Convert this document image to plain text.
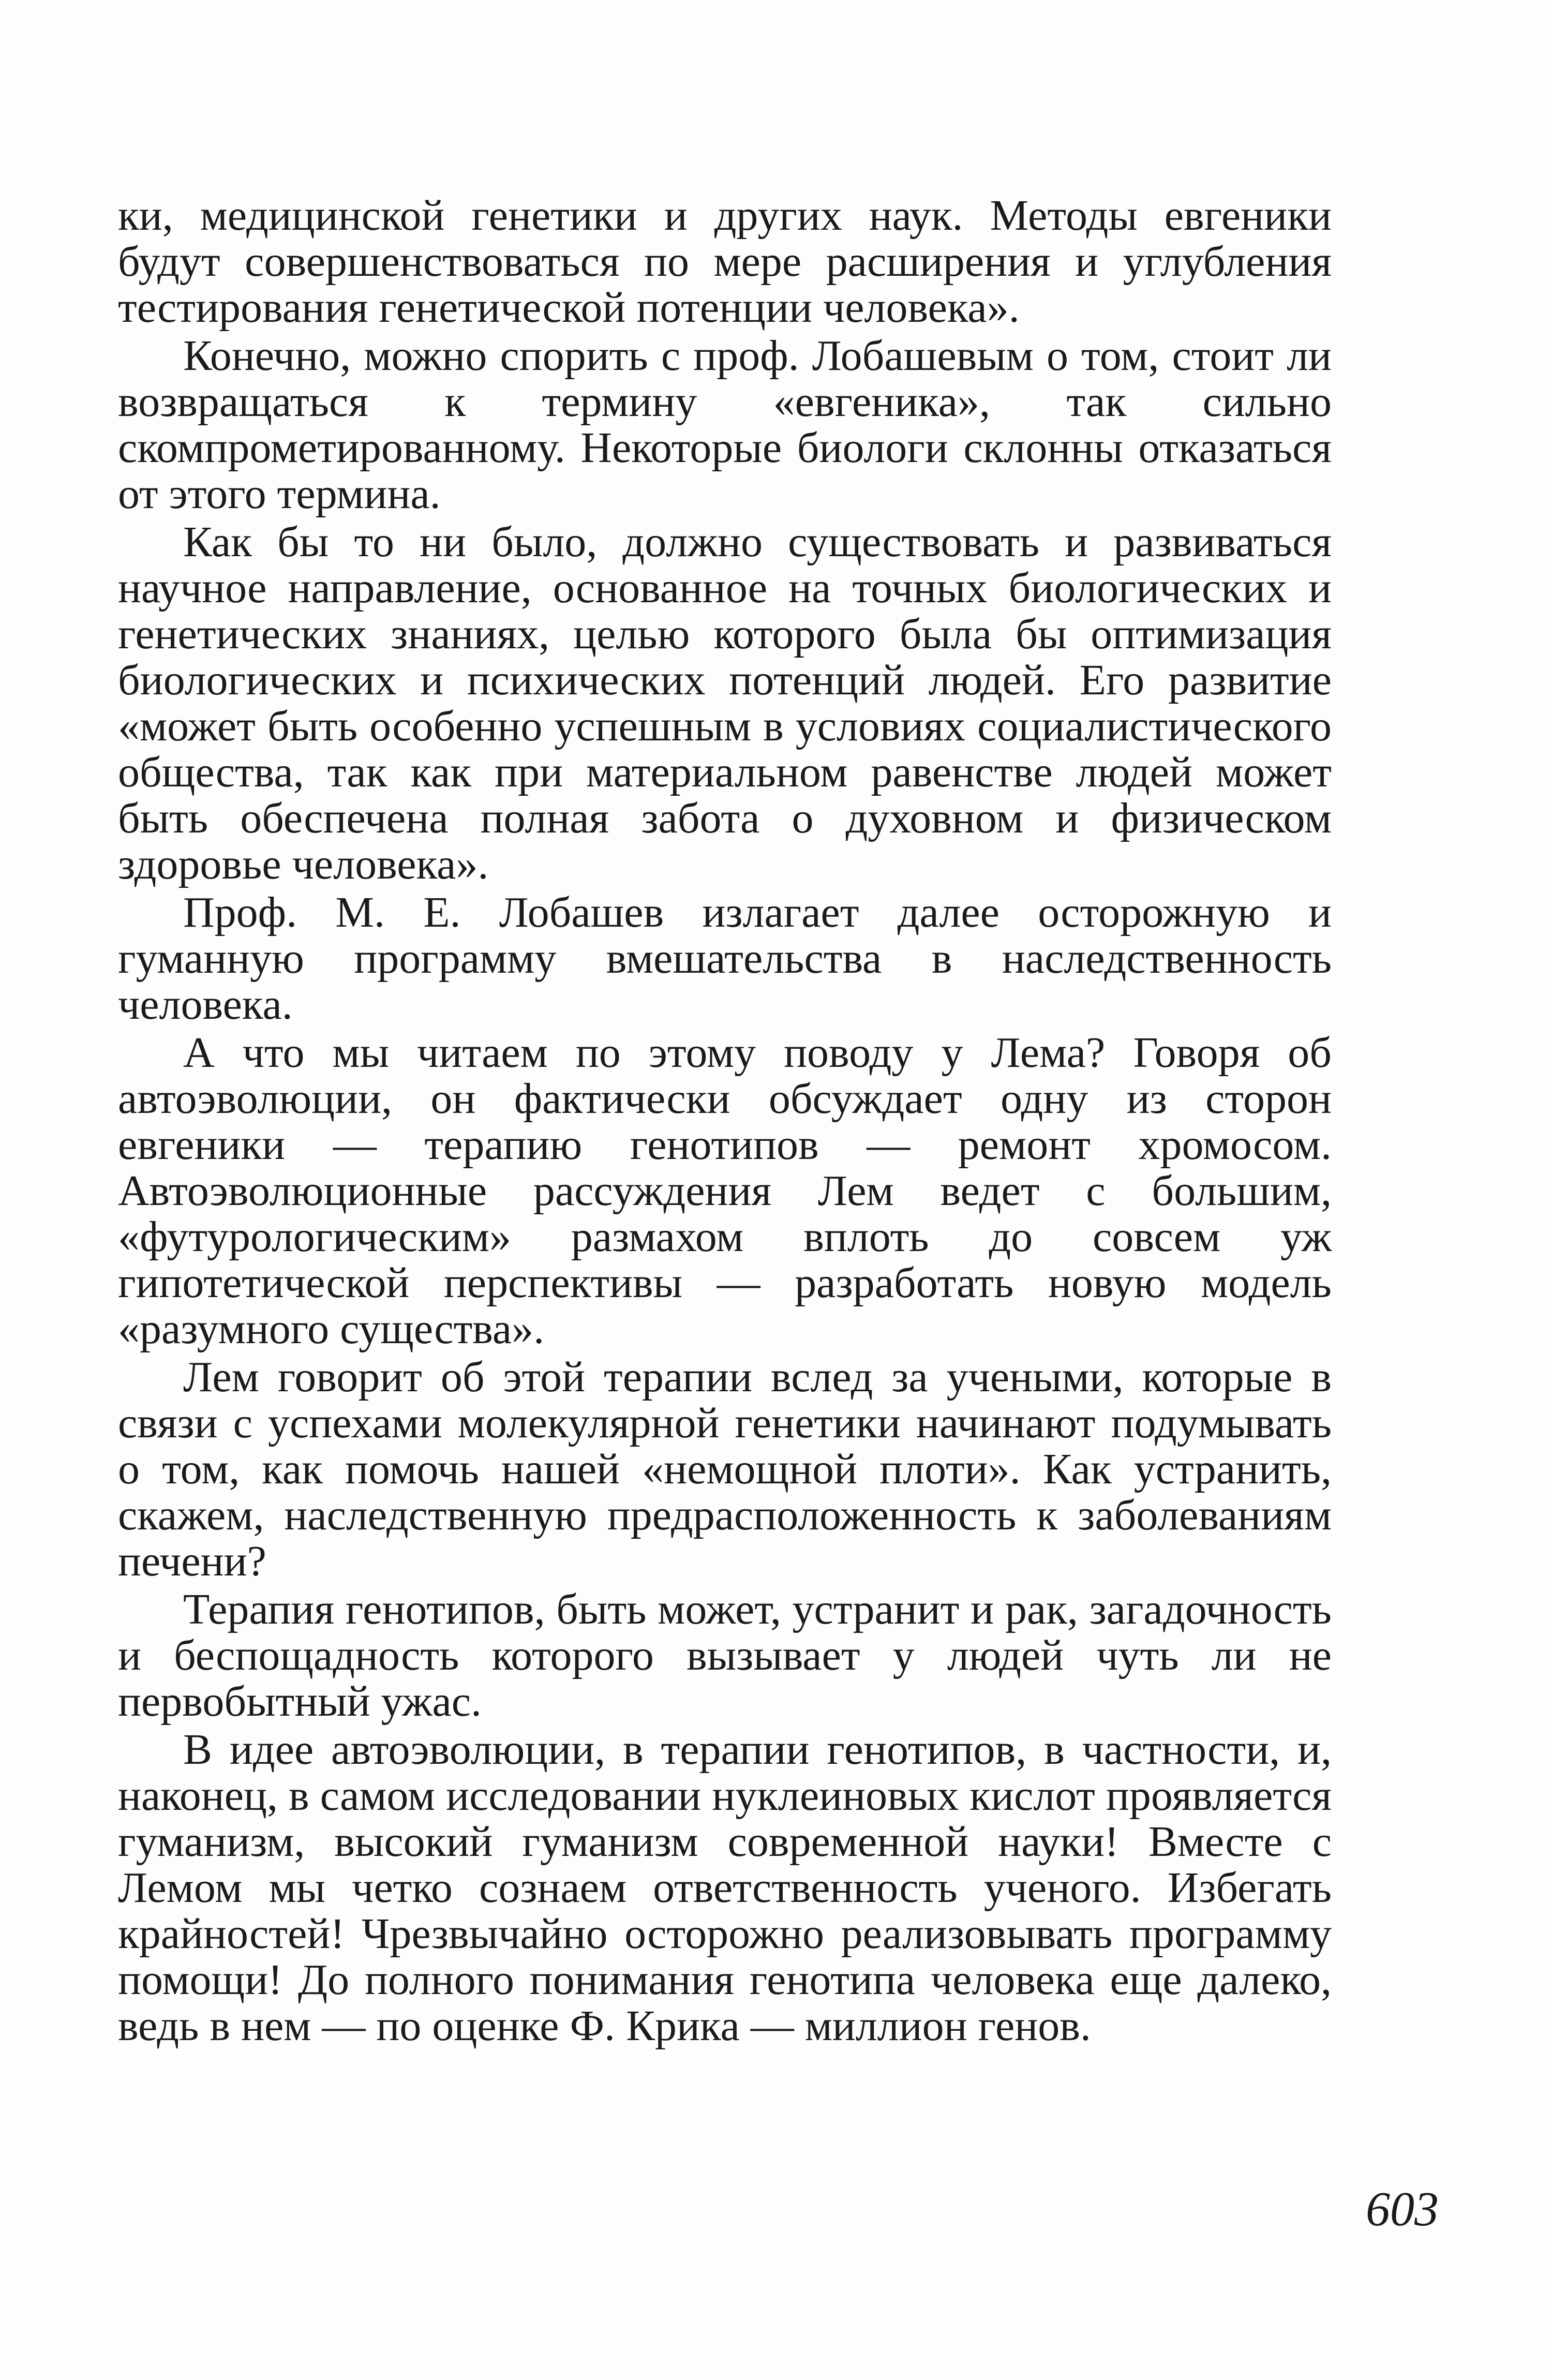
ки, медицинской генетики и других наук. Методы евгеники будут совершенствоваться по мере расширения и углубления тестирования генетической потенции человека».

Конечно, можно спорить с проф. Лобашевым о том, стоит ли возвращаться к термину «евгеника», так сильно скомпрометированному. Некоторые биологи склонны отказаться от этого термина.

Как бы то ни было, должно существовать и развиваться научное направление, основанное на точных биологических и генетических знаниях, целью которого была бы оптимизация биологических и психических потенций людей. Его развитие «может быть особенно успешным в условиях социалистического общества, так как при материальном равенстве людей может быть обеспечена полная забота о духовном и физическом здоровье человека».

Проф. М. Е. Лобашев излагает далее осторожную и гуманную программу вмешательства в наследственность человека.

А что мы читаем по этому поводу у Лема? Говоря об автоэволюции, он фактически обсуждает одну из сторон евгеники — терапию генотипов — ремонт хромосом. Автоэволюционные рассуждения Лем ведет с большим, «футурологическим» размахом вплоть до совсем уж гипотетической перспективы — разработать новую модель «разумного существа».

Лем говорит об этой терапии вслед за учеными, которые в связи с успехами молекулярной генетики начинают подумывать о том, как помочь нашей «немощной плоти». Как устранить, скажем, наследственную предрасположенность к заболеваниям печени?

Терапия генотипов, быть может, устранит и рак, загадочность и беспощадность которого вызывает у людей чуть ли не первобытный ужас.

В идее автоэволюции, в терапии генотипов, в частности, и, наконец, в самом исследовании нуклеиновых кислот проявляется гуманизм, высокий гуманизм современной науки! Вместе с Лемом мы четко сознаем ответственность ученого. Избегать крайностей! Чрезвычайно осторожно реализовывать программу помощи! До полного понимания генотипа человека еще далеко, ведь в нем — по оценке Ф. Крика — миллион генов.

603
